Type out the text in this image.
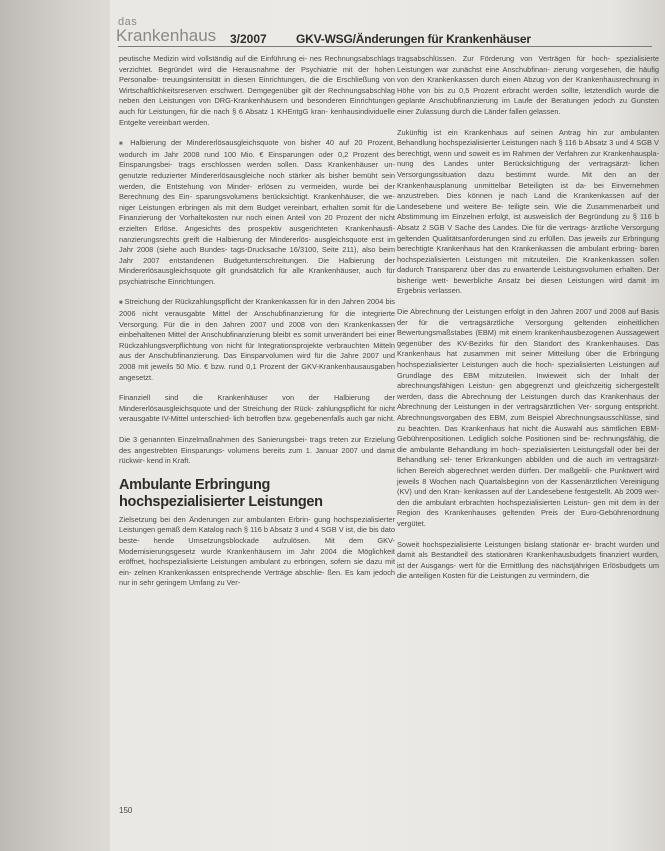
das
Krankenhaus 3/2007 GKV-WSG/Änderungen für Krankenhäuser

peutische Medizin wird vollständig auf die Einführung ei- nes Rechnungsabschlags verzichtet. Begründet wird die Herausnahme der Psychiatrie mit der hohen Personalbe- treuungsintensität in diesen Einrichtungen, die die Erschließung von Wirtschaftlichkeitsreserven erschwert. Demgegenüber gilt der Rechnungsabschlag neben den Leistungen von DRG-Krankenhäusern und besonderen Einrichtungen auch für Leistungen, für die nach § 6 Absatz 1 KHEntgG kran- kenhausindividuelle Entgelte vereinbart werden.

■ Halbierung der Mindererlösausgleichsquote von bisher 40 auf 20 Prozent, wodurch im Jahr 2008 rund 100 Mio. € Einsparungen oder 0,2 Prozent des Einsparungsbei- trags erschlossen werden sollen. Dass Krankenhäuser un- genutzte reduzierter Mindererlösausgleiche noch stärker als bisher bemüht sein werden, die Entstehung von Minder- erlösen zu vermeiden, wurde bei der Berechnung des Ein- sparungsvolumens berücksichtigt. Krankenhäuser, die we- niger Leistungen erbringen als mit dem Budget vereinbart, erhalten somit für die Finanzierung der Vorhaltekosten nur noch einen Anteil von 20 Prozent der nicht erzielten Erlöse. Angesichts des prospektiv ausgerichteten Krankenhausfi- nanzierungsrechts greift die Halbierung der Mindererlös- ausgleichsquote erst im Jahr 2008 (siehe auch Bundes- tags-Drucksache 16/3100, Seite 211), also beim Jahr 2007 entstandenen Budgetunterschreitungen. Die Halbierung der Mindererlösausgleichsquote gilt grundsätzlich für alle Krankenhäuser, auch für psychiatrische Einrichtungen.

■ Streichung der Rückzahlungspflicht der Krankenkassen für in den Jahren 2004 bis 2006 nicht verausgabte Mittel der Anschubfinanzierung für die integrierte Versorgung. Für die in den Jahren 2007 und 2008 von den Krankenkassen einbehaltenen Mittel der Anschubfinanzierung bleibt es somit unverändert bei einer Rückzahlungsverpflichtung von nicht für Integrationsprojekte verbrauchten Mitteln aus der Anschubfinanzierung. Das Einsparvolumen wird für die Jahre 2007 und 2008 mit jeweils 50 Mio. € bzw. rund 0,1 Prozent der GKV-Krankenhausausgaben angesetzt.

Finanziell sind die Krankenhäuser von der Halbierung der Mindererlösausgleichsquote und der Streichung der Rück- zahlungspflicht für nicht verausgabte IV-Mittel unterschied- lich betroffen bzw. gegebenenfalls auch gar nicht.

Die 3 genannten Einzelmaßnahmen des Sanierungsbei- trags treten zur Erzielung des angestrebten Einsparungs- volumens bereits zum 1. Januar 2007 und damit rückwir- kend in Kraft.

Ambulante Erbringung hochspezialisierter Leistungen

Zielsetzung bei den Änderungen zur ambulanten Erbrin- gung hochspezialisierter Leistungen gemäß dem Katalog nach § 116 b Absatz 3 und 4 SGB V ist, die bis dato beste- hende Umsetzungsblockade aufzulösen. Mit dem GKV-Modernisierungsgesetz wurde Krankenhäusern im Jahr 2004 die Möglichkeit eröffnet, hochspezialisierte Leistungen ambulant zu erbringen, sofern sie dazu mit ein- zelnen Krankenkassen entsprechende Verträge abschlie- ßen. Es kam jedoch nur in sehr geringem Umfang zu Ver-

tragsabschlüssen. Zur Förderung von Verträgen für hoch- spezialisierte Leistungen war zunächst eine Anschubfinan- zierung vorgesehen, die häufig von den Krankenkassen durch einen Abzug von der Krankenhausrechnung in Höhe von bis zu 0,5 Prozent erbracht werden sollte, letztendlich wurde die geplante Anschubfinanzierung im Laufe der Beratungen jedoch zu Gunsten einer Zulassung durch die Länder fallen gelassen.

Zukünftig ist ein Krankenhaus auf seinen Antrag hin zur ambulanten Behandlung hochspezialisierter Leistungen nach § 116 b Absatz 3 und 4 SGB V berechtigt, wenn und soweit es im Rahmen der Verfahren zur Krankenhauspla- nung des Landes unter Berücksichtigung der vertragsärzt- lichen Versorgungssituation dazu bestimmt wurde. Mit den an der Krankenhausplanung unmittelbar Beteiligten ist da- bei Einvernehmen anzustreben. Dies können je nach Land die Krankenkassen auf der Landesebene und weitere Be- teiligte sein. Wie die Zusammenarbeit und Abstimmung im Einzelnen erfolgt, ist ausweislich der Begründung zu § 116 b Absatz 2 SGB V Sache des Landes. Die für die vertrags- ärztliche Versorgung geltenden Qualitätsanforderungen sind zu erfüllen. Das jeweils zur Erbringung berechtigte Krankenhaus hat den Krankenkassen die ambulant erbring- baren hochspezialisierten Leistungen mit mitzuteilen. Die Krankenkassen sollen dadurch Transparenz über das zu erwartende Leistungsvolumen erhalten. Der bisherige wett- bewerbliche Ansatz bei diesen Leistungen wird damit im Ergebnis verlassen.

Die Abrechnung der Leistungen erfolgt in den Jahren 2007 und 2008 auf Basis der für die vertragsärztliche Versorgung geltenden einheitlichen Bewertungsmaßstabes (EBM) mit einem krankenhausbezogenen Aussagewert gegenüber des KV-Bezirks für den Standort des Krankenhauses. Das Krankenhaus hat zusammen mit seiner Mitteilung über die Erbringung hochspezialisierter Leistungen auch die hoch- spezialisierten Leistungen auf Grundlage des EBM mitzuteilen. Inwieweit sich der Inhalt der abrechnungsfähigen Leistun- gen abgegrenzt und gleichzeitig sichergestellt werden, dass die Abrechnung der Leistungen durch das Krankenhaus der Abrechnung der Leistungen in der vertragsärztlichen Ver- sorgung entspricht. Abrechnungsvorgaben des EBM, zum Beispiel Abrechnungsausschlüsse, sind zu beachten. Das Krankenhaus hat nicht die Auswahl aus sämtlichen EBM- Gebührenpositionen. Lediglich solche Positionen sind be- rechnungsfähig, die die ambulante Behandlung im hoch- spezialisierten Leistungsfall oder bei der Behandlung sel- tener Erkrankungen abbilden und die auch im vertragsärzt- lichen Bereich abgerechnet werden dürfen. Der maßgebli- che Punktwert wird jeweils 8 Wochen nach Quartalsbeginn von der Kassenärztlichen Vereinigung (KV) und den Kran- kenkassen auf der Landesebene festgestellt. Ab 2009 wer- den die ambulant erbrachten hochspezialisierten Leistun- gen mit dem in der Region des Krankenhauses geltenden Preis der Euro-Gebührenordnung vergütet.

Soweit hochspezialisierte Leistungen bislang stationär er- bracht wurden und damit als Bestandteil des stationären Krankenhausbudgets finanziert wurden, ist der Ausgangs- wert für die Ermittlung des nächstjährigen Erlösbudgets um die anteiligen Kosten für die Leistungen zu vermindern, die

150
